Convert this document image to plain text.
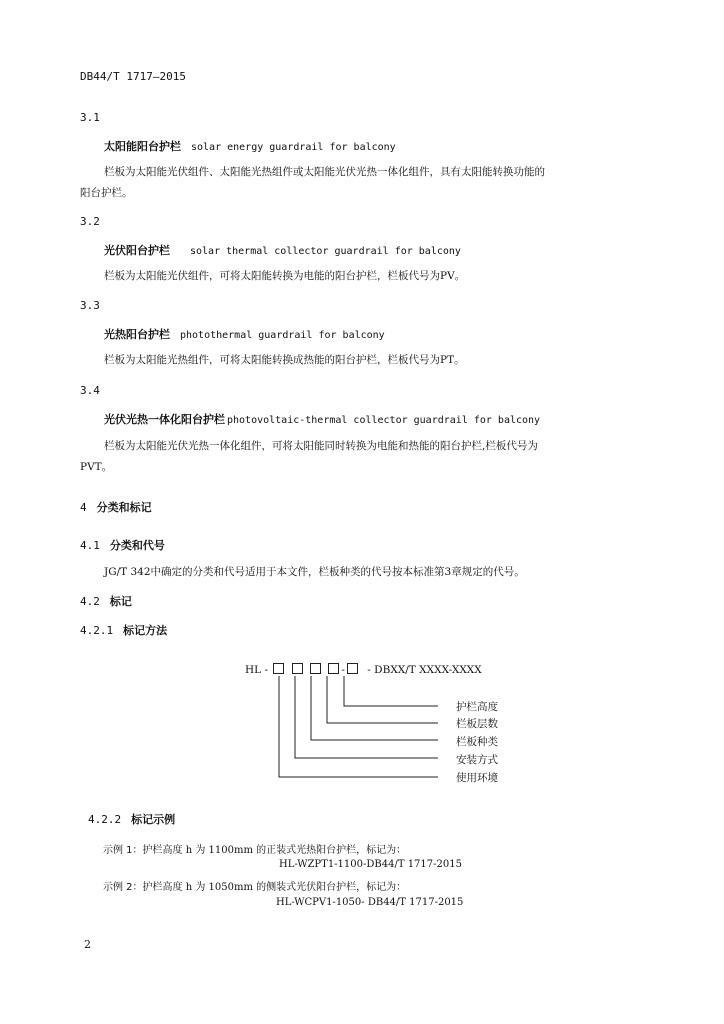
DB44/T 1717—2015
3.1
太阳能阳台护栏 solar energy guardrail for balcony
栏板为太阳能光伏组件、太阳能光热组件或太阳能光伏光热一体化组件，具有太阳能转换功能的
阳台护栏。
3.2
光伏阳台护栏 solar thermal collector guardrail for balcony
栏板为太阳能光伏组件，可将太阳能转换为电能的阳台护栏，栏板代号为PV。
3.3
光热阳台护栏 photothermal guardrail for balcony
栏板为太阳能光热组件，可将太阳能转换成热能的阳台护栏，栏板代号为PT。
3.4
光伏光热一体化阳台护栏 photovoltaic-thermal collector guardrail for balcony
栏板为太阳能光伏光热一体化组件，可将太阳能同时转换为电能和热能的阳台护栏,栏板代号为
PVT。
4 分类和标记
4.1 分类和代号
JG/T 342中确定的分类和代号适用于本文件，栏板种类的代号按本标准第3章规定的代号。
4.2 标记
4.2.1 标记方法
HL -	- - DBXX/T XXXX-XXXX
护栏高度
栏板层数
栏板种类
安装方式
使用环境
4.2.2 标记示例
示例 1：护栏高度 h 为 1100mm 的正装式光热阳台护栏，标记为：
HL-WZPT1-1100-DB44/T 1717-2015
示例 2：护栏高度 h 为 1050mm 的侧装式光伏阳台护栏，标记为：
HL-WCPV1-1050- DB44/T 1717-2015
2
